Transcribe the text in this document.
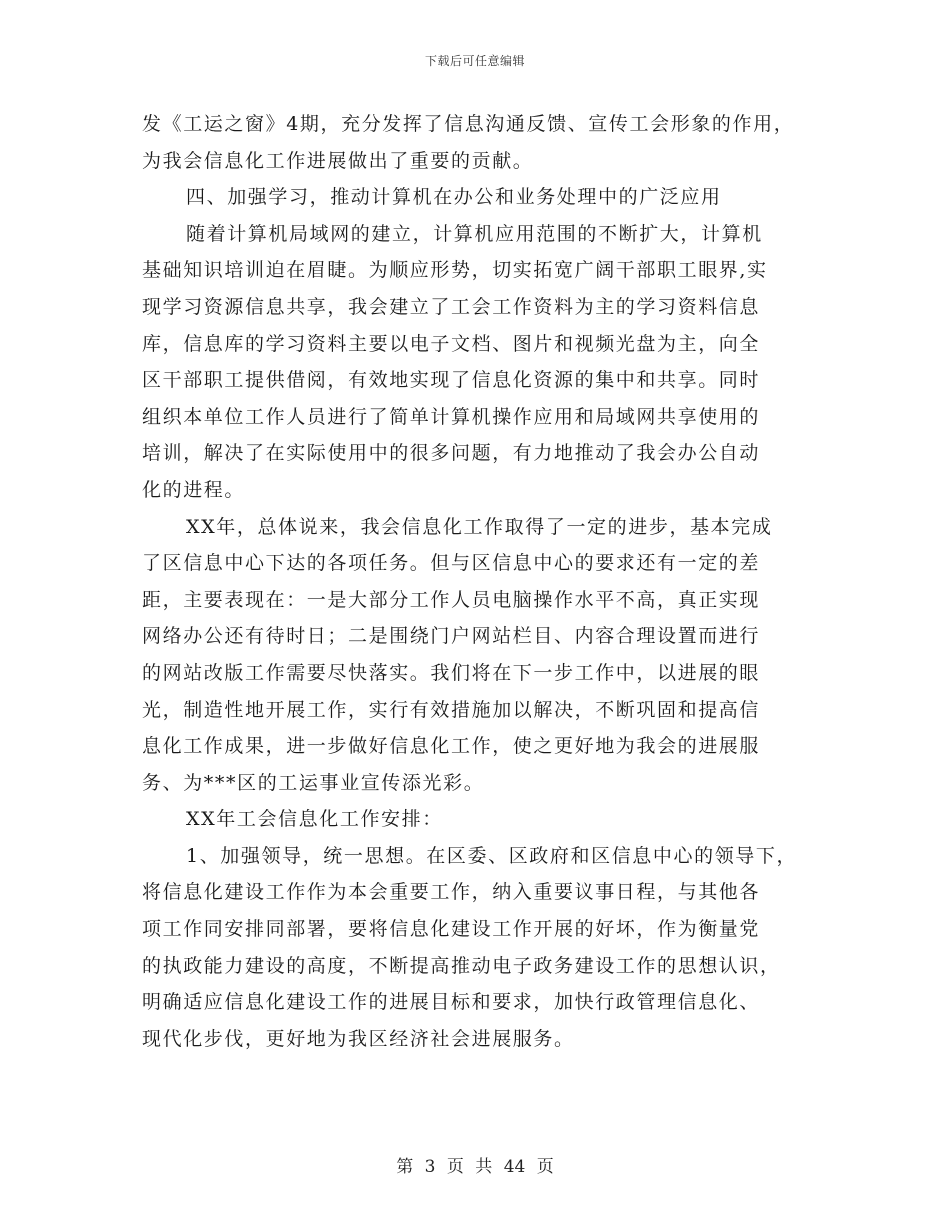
下载后可任意编辑
发《工运之窗》4期，充分发挥了信息沟通反馈、宣传工会形象的作用，
为我会信息化工作进展做出了重要的贡献。
四、加强学习，推动计算机在办公和业务处理中的广泛应用
随着计算机局域网的建立，计算机应用范围的不断扩大，计算机
基础知识培训迫在眉睫。为顺应形势，切实拓宽广阔干部职工眼界,实
现学习资源信息共享，我会建立了工会工作资料为主的学习资料信息
库，信息库的学习资料主要以电子文档、图片和视频光盘为主，向全
区干部职工提供借阅，有效地实现了信息化资源的集中和共享。同时
组织本单位工作人员进行了简单计算机操作应用和局域网共享使用的
培训，解决了在实际使用中的很多问题，有力地推动了我会办公自动
化的进程。
XX年，总体说来，我会信息化工作取得了一定的进步，基本完成
了区信息中心下达的各项任务。但与区信息中心的要求还有一定的差
距，主要表现在：一是大部分工作人员电脑操作水平不高，真正实现
网络办公还有待时日；二是围绕门户网站栏目、内容合理设置而进行
的网站改版工作需要尽快落实。我们将在下一步工作中，以进展的眼
光，制造性地开展工作，实行有效措施加以解决，不断巩固和提高信
息化工作成果，进一步做好信息化工作，使之更好地为我会的进展服
务、为***区的工运事业宣传添光彩。
XX年工会信息化工作安排：
1、加强领导，统一思想。在区委、区政府和区信息中心的领导下，
将信息化建设工作作为本会重要工作，纳入重要议事日程，与其他各
项工作同安排同部署，要将信息化建设工作开展的好坏，作为衡量党
的执政能力建设的高度，不断提高推动电子政务建设工作的思想认识，
明确适应信息化建设工作的进展目标和要求，加快行政管理信息化、
现代化步伐，更好地为我区经济社会进展服务。
第 3 页 共 44 页
